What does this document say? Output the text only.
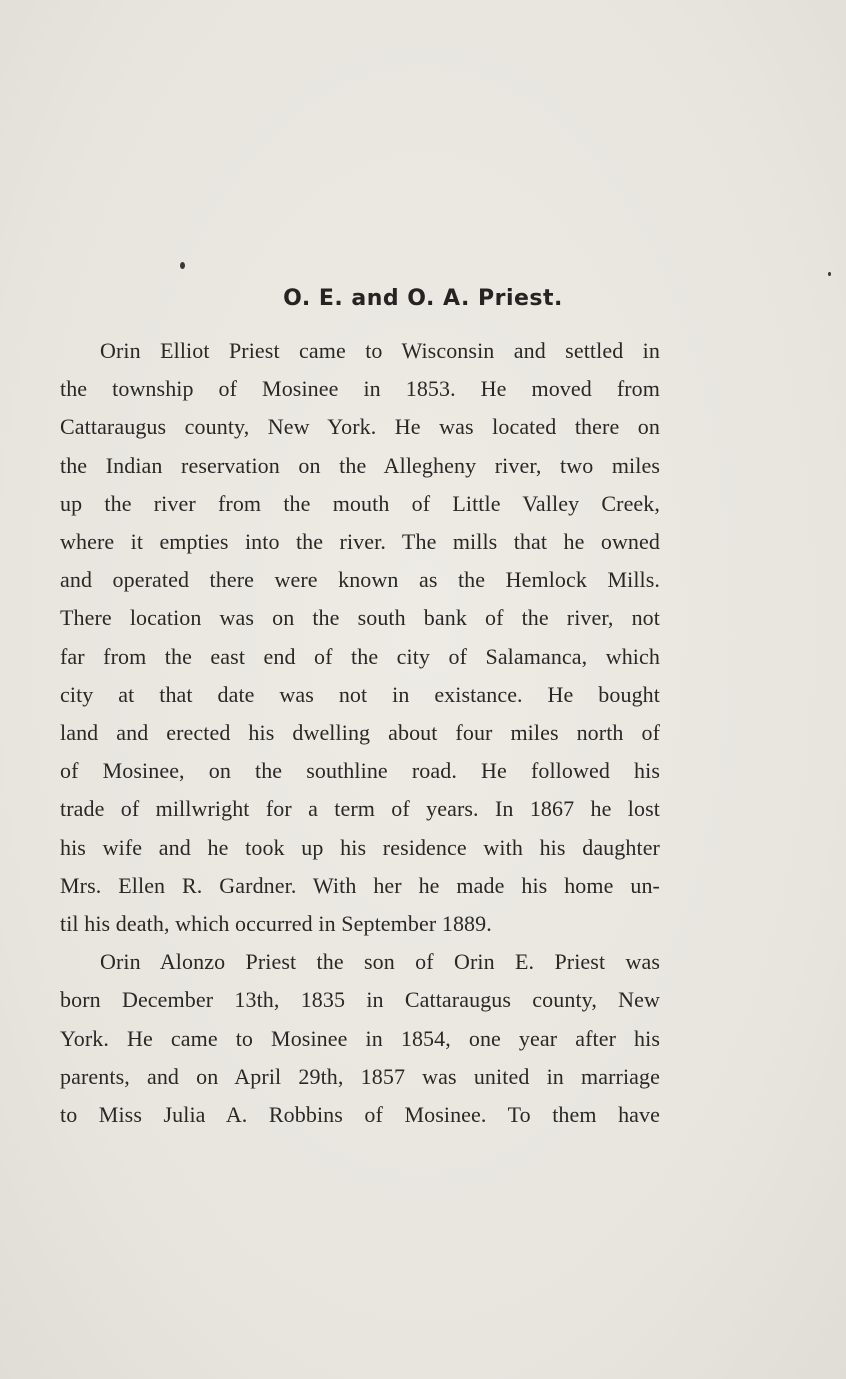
O. E. and O. A. Priest.

Orin Elliot Priest came to Wisconsin and settled in
the township of Mosinee in 1853. He moved from
Cattaraugus county, New York. He was located there on
the Indian reservation on the Allegheny river, two miles
up the river from the mouth of Little Valley Creek,
where it empties into the river. The mills that he owned
and operated there were known as the Hemlock Mills.
There location was on the south bank of the river, not
far from the east end of the city of Salamanca, which
city at that date was not in existance. He bought
land and erected his dwelling about four miles north of
of Mosinee, on the southline road. He followed his
trade of millwright for a term of years. In 1867 he lost
his wife and he took up his residence with his daughter
Mrs. Ellen R. Gardner. With her he made his home un-
til his death, which occurred in September 1889.

Orin Alonzo Priest the son of Orin E. Priest was
born December 13th, 1835 in Cattaraugus county, New
York. He came to Mosinee in 1854, one year after his
parents, and on April 29th, 1857 was united in marriage
to Miss Julia A. Robbins of Mosinee. To them have
